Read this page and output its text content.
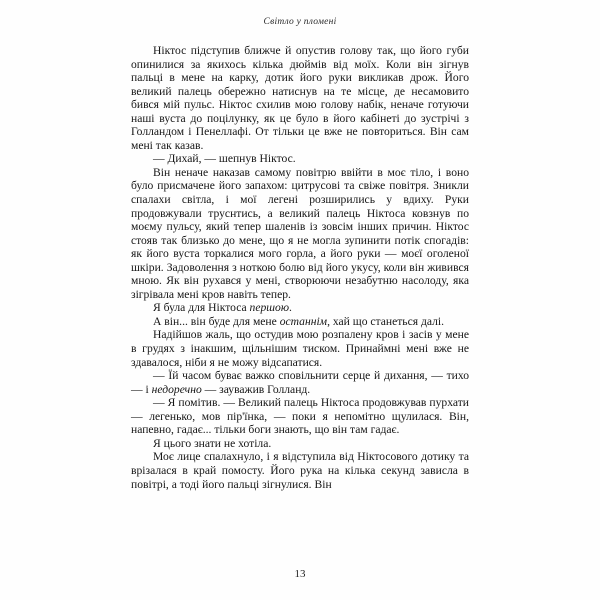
Світло у пломені

Ніктос підступив ближче й опустив голову так, що його губи опинилися за якихось кілька дюймів від моїх. Коли він зігнув пальці в мене на карку, дотик його руки викликав дрож. Його великий палець обережно натиснув на те місце, де несамовито бився мій пульс. Ніктос схилив мою голову набік, неначе готуючи наші вуста до поцілунку, як це було в його кабінеті до зустрічі з Голландом і Пенеллафі. От тільки це вже не повториться. Він сам мені так казав.

— Дихай, — шепнув Ніктос.

Він неначе наказав самому повітрю ввійти в моє тіло, і воно було присмачене його запахом: цитрусові та свіже повітря. Зникли спалахи світла, і мої легені розширились у вдиху. Руки продовжували труснтись, а великий палець Ніктоса ковзнув по моєму пульсу, який тепер шаленів із зовсім інших причин. Ніктос стояв так близько до мене, що я не могла зупинити потік спогадів: як його вуста торкалися мого горла, а його руки — моєї оголеної шкіри. Задоволення з ноткою болю від його укусу, коли він живився мною. Як він рухався у мені, створюючи незабутню насолоду, яка зігрівала мені кров навіть тепер.

Я була для Ніктоса першою.

А він... він буде для мене останнім, хай що станеться далі.

Надійшов жаль, що остудив мою розпалену кров і засів у мене в грудях з інакшим, щільнішим тиском. Принаймні мені вже не здавалося, ніби я не можу відсапатися.

— Їй часом буває важко сповільнити серце й дихання, — тихо — і недоречно — зауважив Голланд.

— Я помітив. — Великий палець Ніктоса продовжував пурхати — легенько, мов пір'їнка, — поки я непомітно щулилася. Він, напевно, гадає... тільки боги знають, що він там гадає.

Я цього знати не хотіла.

Моє лице спалахнуло, і я відступила від Ніктосового дотику та врізалася в край помосту. Його рука на кілька секунд зависла в повітрі, а тоді його пальці зігнулися. Він

13
